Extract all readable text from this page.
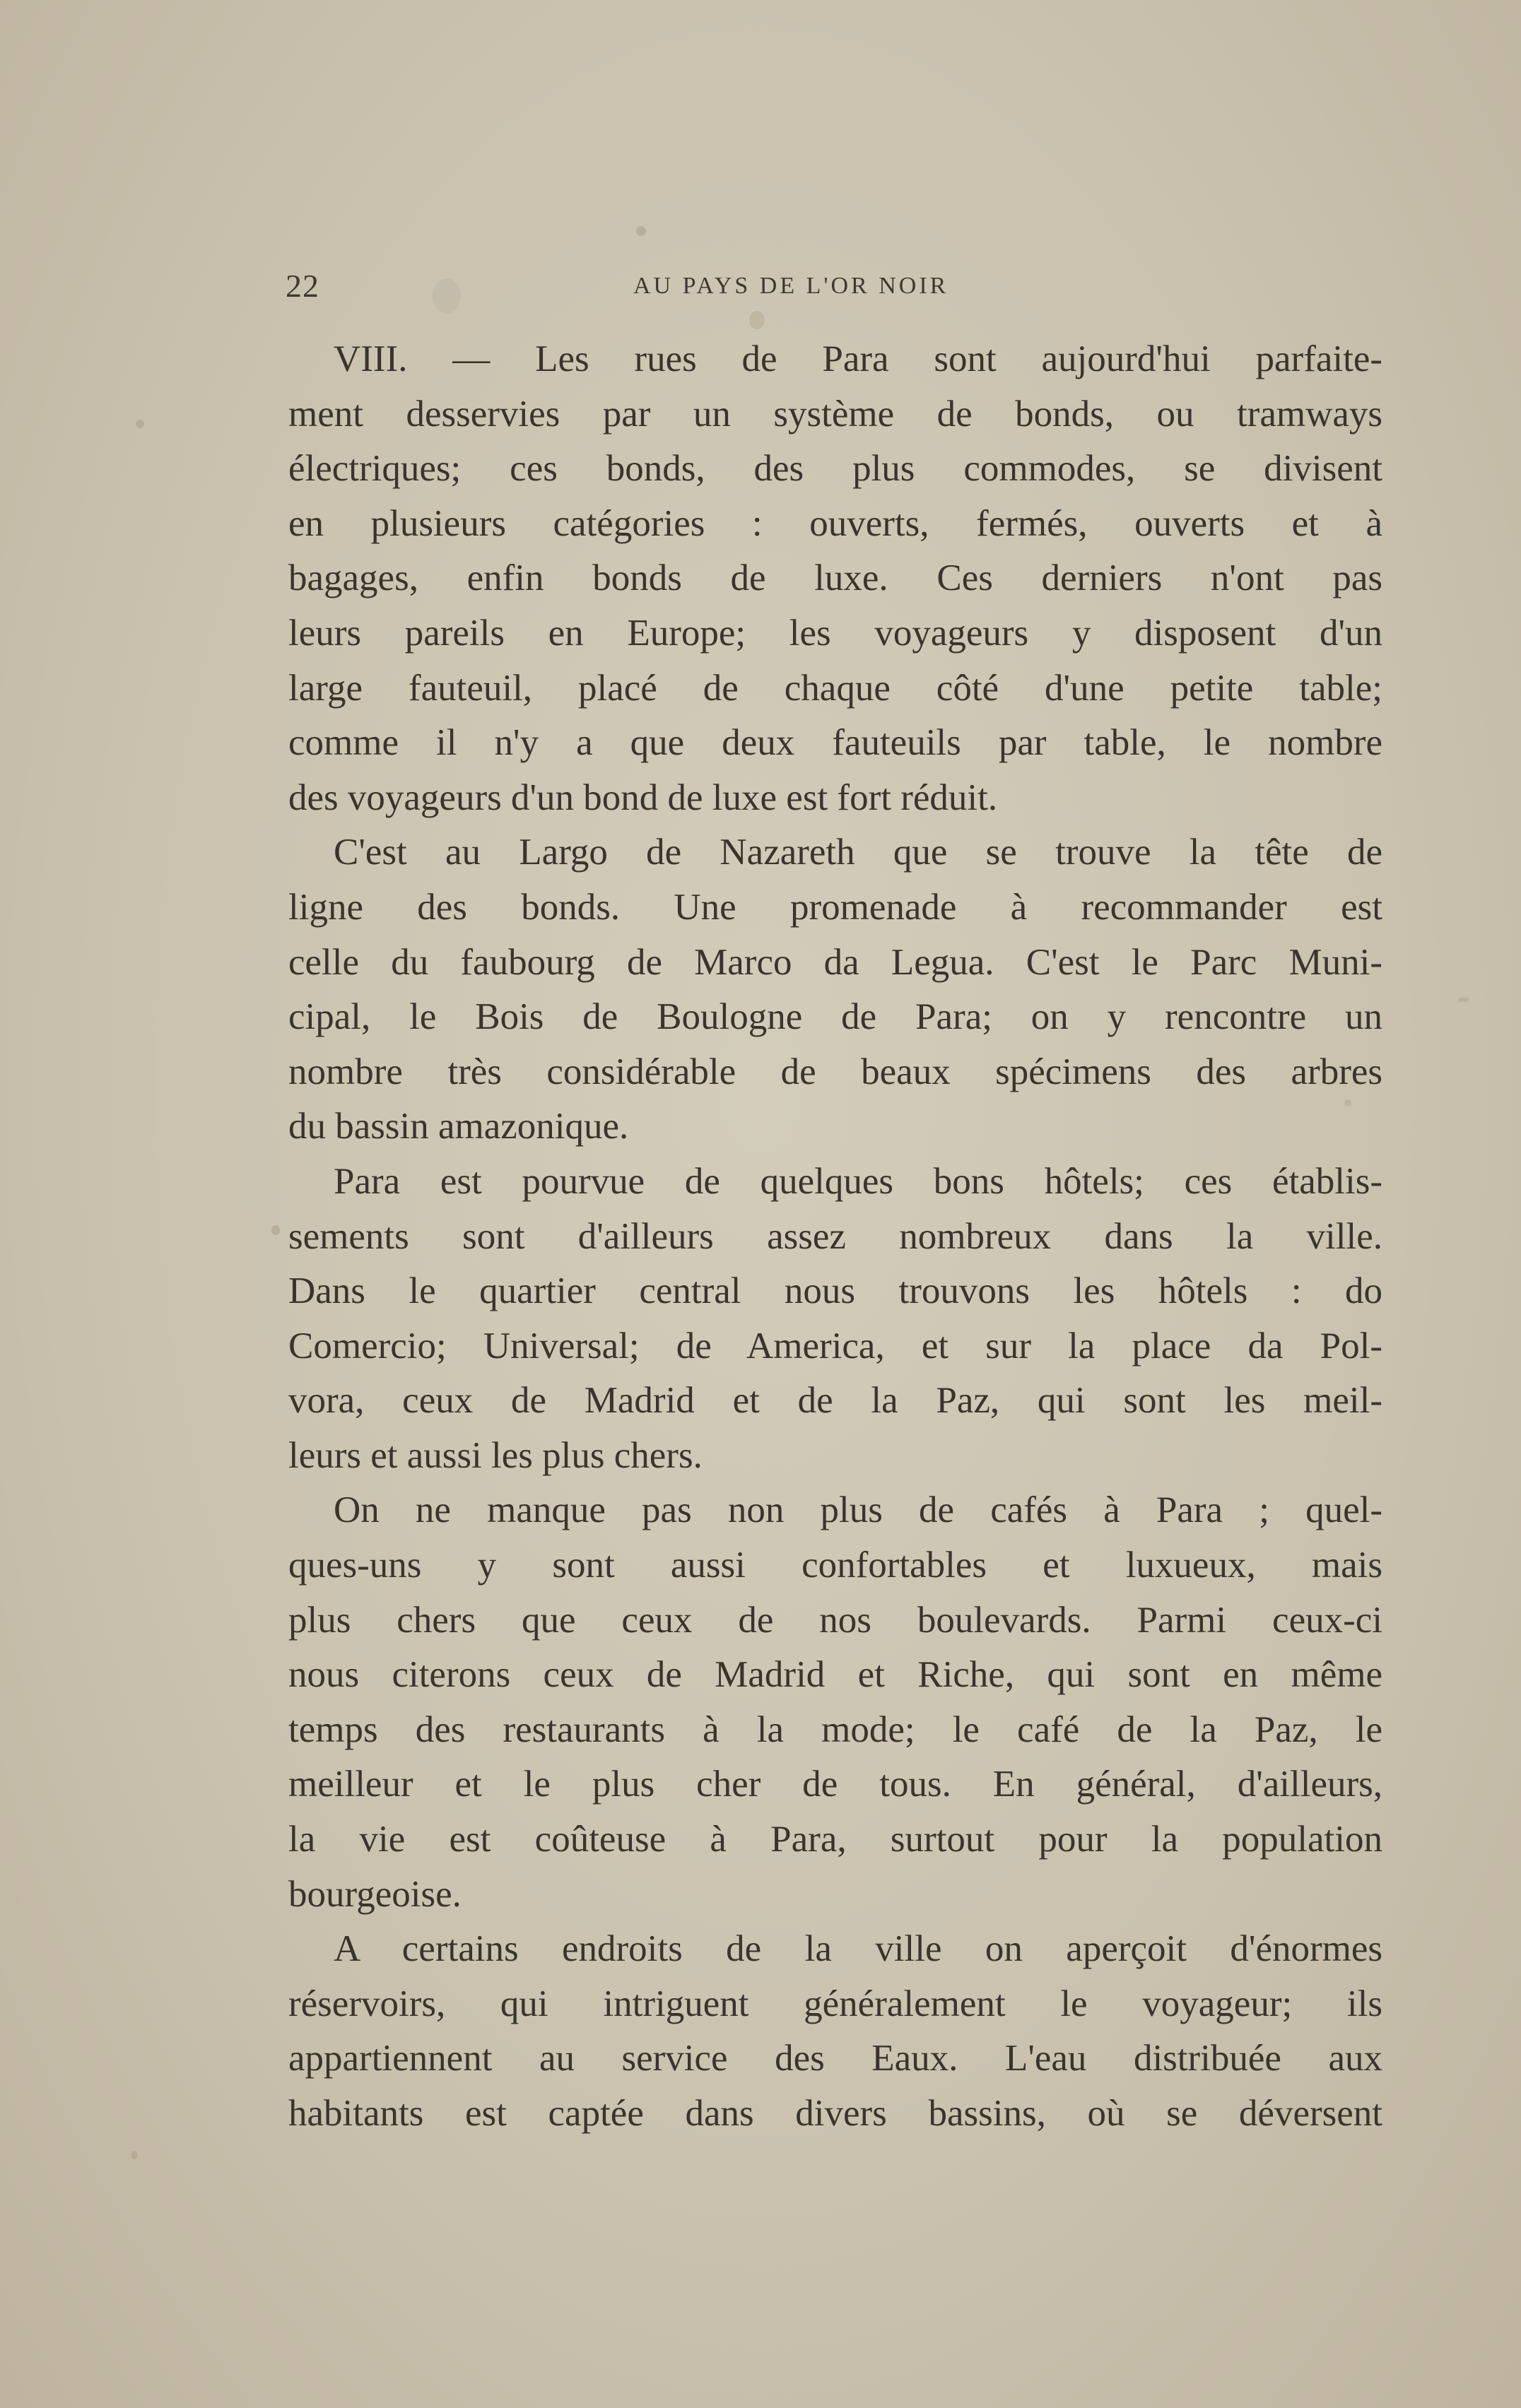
22	AU PAYS DE L'OR NOIR
VIII. — Les rues de Para sont aujourd'hui parfaite-
ment desservies par un système de bonds, ou tramways
électriques; ces bonds, des plus commodes, se divisent
en plusieurs catégories : ouverts, fermés, ouverts et à
bagages, enfin bonds de luxe. Ces derniers n'ont pas
leurs pareils en Europe; les voyageurs y disposent d'un
large fauteuil, placé de chaque côté d'une petite table;
comme il n'y a que deux fauteuils par table, le nombre
des voyageurs d'un bond de luxe est fort réduit.
C'est au Largo de Nazareth que se trouve la tête de
ligne des bonds. Une promenade à recommander est
celle du faubourg de Marco da Legua. C'est le Parc Muni-
cipal, le Bois de Boulogne de Para; on y rencontre un
nombre très considérable de beaux spécimens des arbres
du bassin amazonique.
Para est pourvue de quelques bons hôtels; ces établis-
sements sont d'ailleurs assez nombreux dans la ville.
Dans le quartier central nous trouvons les hôtels : do
Comercio; Universal; de America, et sur la place da Pol-
vora, ceux de Madrid et de la Paz, qui sont les meil-
leurs et aussi les plus chers.
On ne manque pas non plus de cafés à Para ; quel-
ques-uns y sont aussi confortables et luxueux, mais
plus chers que ceux de nos boulevards. Parmi ceux-ci
nous citerons ceux de Madrid et Riche, qui sont en même
temps des restaurants à la mode; le café de la Paz, le
meilleur et le plus cher de tous. En général, d'ailleurs,
la vie est coûteuse à Para, surtout pour la population
bourgeoise.
A certains endroits de la ville on aperçoit d'énormes
réservoirs, qui intriguent généralement le voyageur; ils
appartiennent au service des Eaux. L'eau distribuée aux
habitants est captée dans divers bassins, où se déversent
